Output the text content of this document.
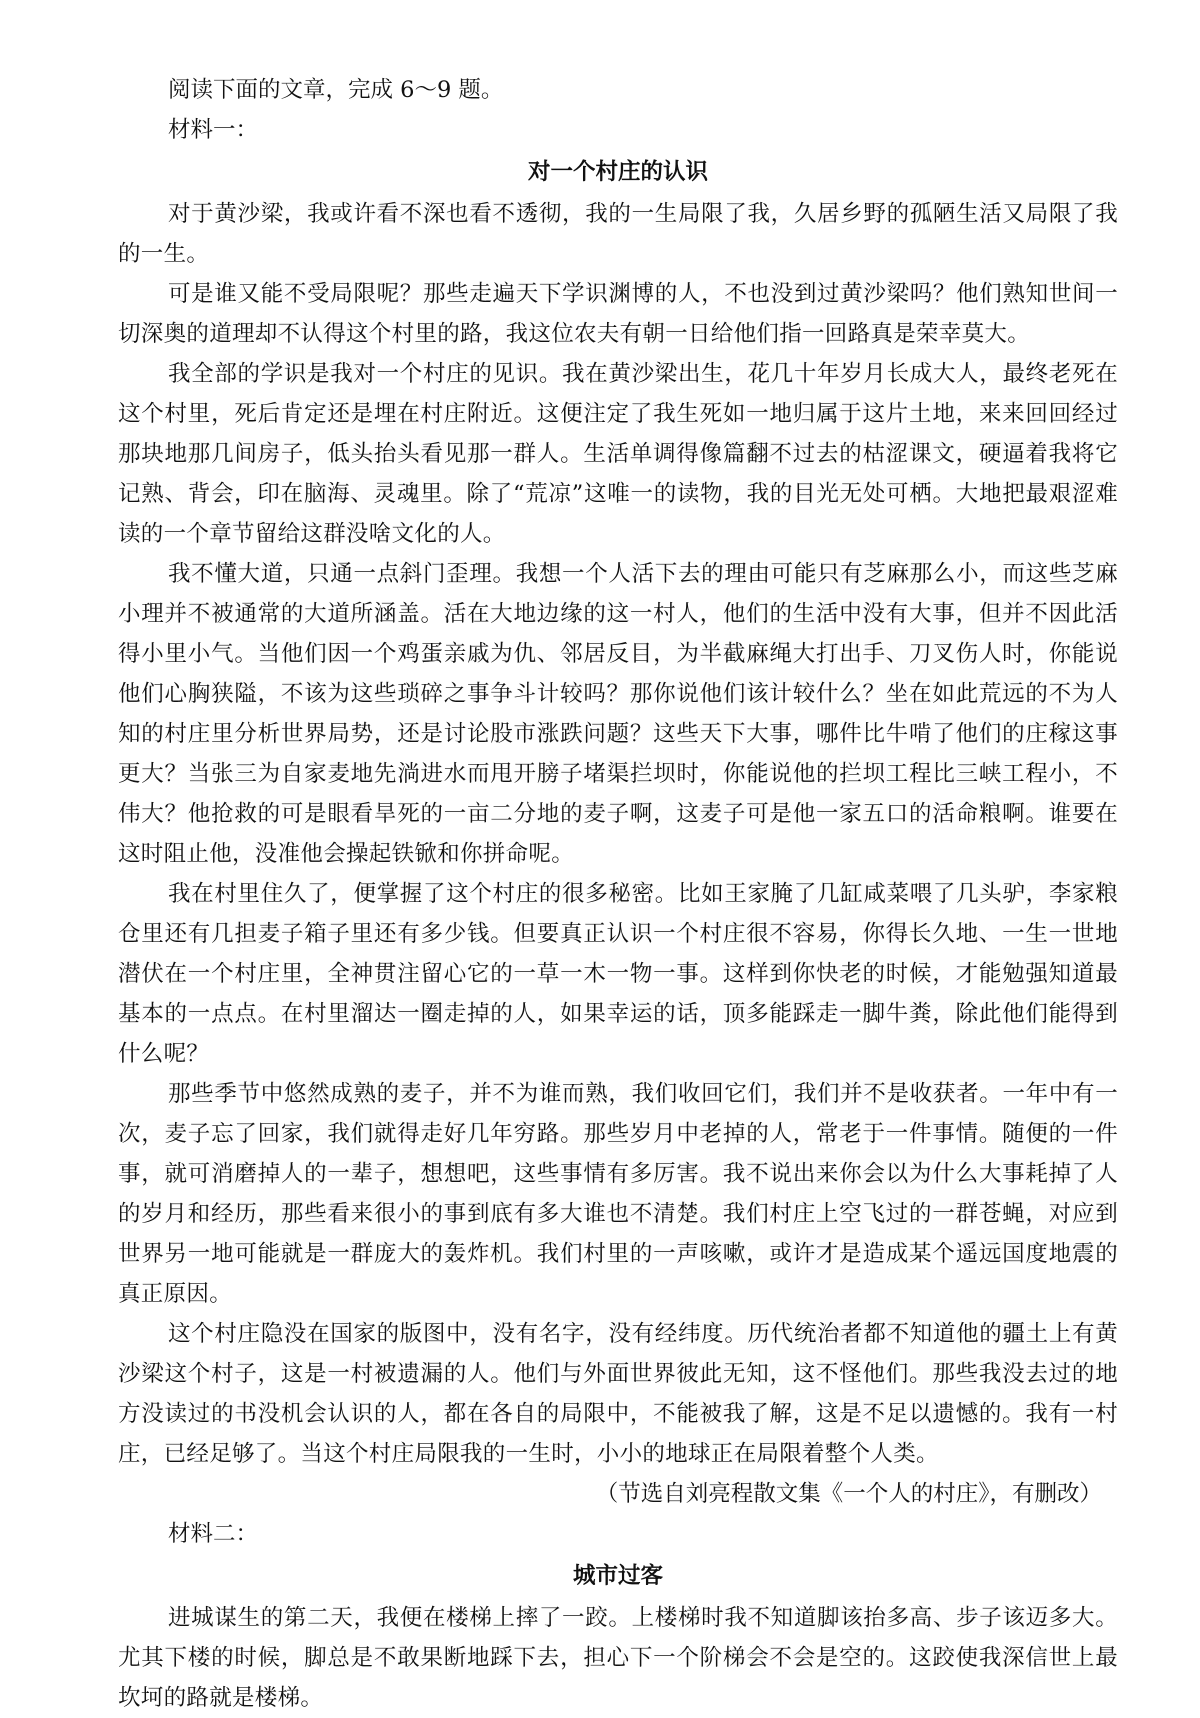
阅读下面的文章，完成 6～9 题。
材料一：
对一个村庄的认识
对于黄沙梁，我或许看不深也看不透彻，我的一生局限了我，久居乡野的孤陋生活又局限了我的一生。
可是谁又能不受局限呢？那些走遍天下学识渊博的人，不也没到过黄沙梁吗？他们熟知世间一切深奥的道理却不认得这个村里的路，我这位农夫有朝一日给他们指一回路真是荣幸莫大。
我全部的学识是我对一个村庄的见识。我在黄沙梁出生，花几十年岁月长成大人，最终老死在这个村里，死后肯定还是埋在村庄附近。这便注定了我生死如一地归属于这片土地，来来回回经过那块地那几间房子，低头抬头看见那一群人。生活单调得像篇翻不过去的枯涩课文，硬逼着我将它记熟、背会，印在脑海、灵魂里。除了“荒凉”这唯一的读物，我的目光无处可栖。大地把最艰涩难读的一个章节留给这群没啥文化的人。
我不懂大道，只通一点斜门歪理。我想一个人活下去的理由可能只有芝麻那么小，而这些芝麻小理并不被通常的大道所涵盖。活在大地边缘的这一村人，他们的生活中没有大事，但并不因此活得小里小气。当他们因一个鸡蛋亲戚为仇、邻居反目，为半截麻绳大打出手、刀叉伤人时，你能说他们心胸狭隘，不该为这些琐碎之事争斗计较吗？那你说他们该计较什么？坐在如此荒远的不为人知的村庄里分析世界局势，还是讨论股市涨跌问题？这些天下大事，哪件比牛啃了他们的庄稼这事更大？当张三为自家麦地先淌进水而甩开膀子堵渠拦坝时，你能说他的拦坝工程比三峡工程小，不伟大？他抢救的可是眼看旱死的一亩二分地的麦子啊，这麦子可是他一家五口的活命粮啊。谁要在这时阻止他，没准他会操起铁锨和你拼命呢。
我在村里住久了，便掌握了这个村庄的很多秘密。比如王家腌了几缸咸菜喂了几头驴，李家粮仓里还有几担麦子箱子里还有多少钱。但要真正认识一个村庄很不容易，你得长久地、一生一世地潜伏在一个村庄里，全神贯注留心它的一草一木一物一事。这样到你快老的时候，才能勉强知道最基本的一点点。在村里溜达一圈走掉的人，如果幸运的话，顶多能踩走一脚牛粪，除此他们能得到什么呢？
那些季节中悠然成熟的麦子，并不为谁而熟，我们收回它们，我们并不是收获者。一年中有一次，麦子忘了回家，我们就得走好几年穷路。那些岁月中老掉的人，常老于一件事情。随便的一件事，就可消磨掉人的一辈子，想想吧，这些事情有多厉害。我不说出来你会以为什么大事耗掉了人的岁月和经历，那些看来很小的事到底有多大谁也不清楚。我们村庄上空飞过的一群苍蝇，对应到世界另一地可能就是一群庞大的轰炸机。我们村里的一声咳嗽，或许才是造成某个遥远国度地震的真正原因。
这个村庄隐没在国家的版图中，没有名字，没有经纬度。历代统治者都不知道他的疆土上有黄沙梁这个村子，这是一村被遗漏的人。他们与外面世界彼此无知，这不怪他们。那些我没去过的地方没读过的书没机会认识的人，都在各自的局限中，不能被我了解，这是不足以遗憾的。我有一村庄，已经足够了。当这个村庄局限我的一生时，小小的地球正在局限着整个人类。
（节选自刘亮程散文集《一个人的村庄》，有删改）
材料二：
城市过客
进城谋生的第二天，我便在楼梯上摔了一跤。上楼梯时我不知道脚该抬多高、步子该迈多大。尤其下楼的时候，脚总是不敢果断地踩下去，担心下一个阶梯会不会是空的。这跤使我深信世上最坎坷的路就是楼梯。
